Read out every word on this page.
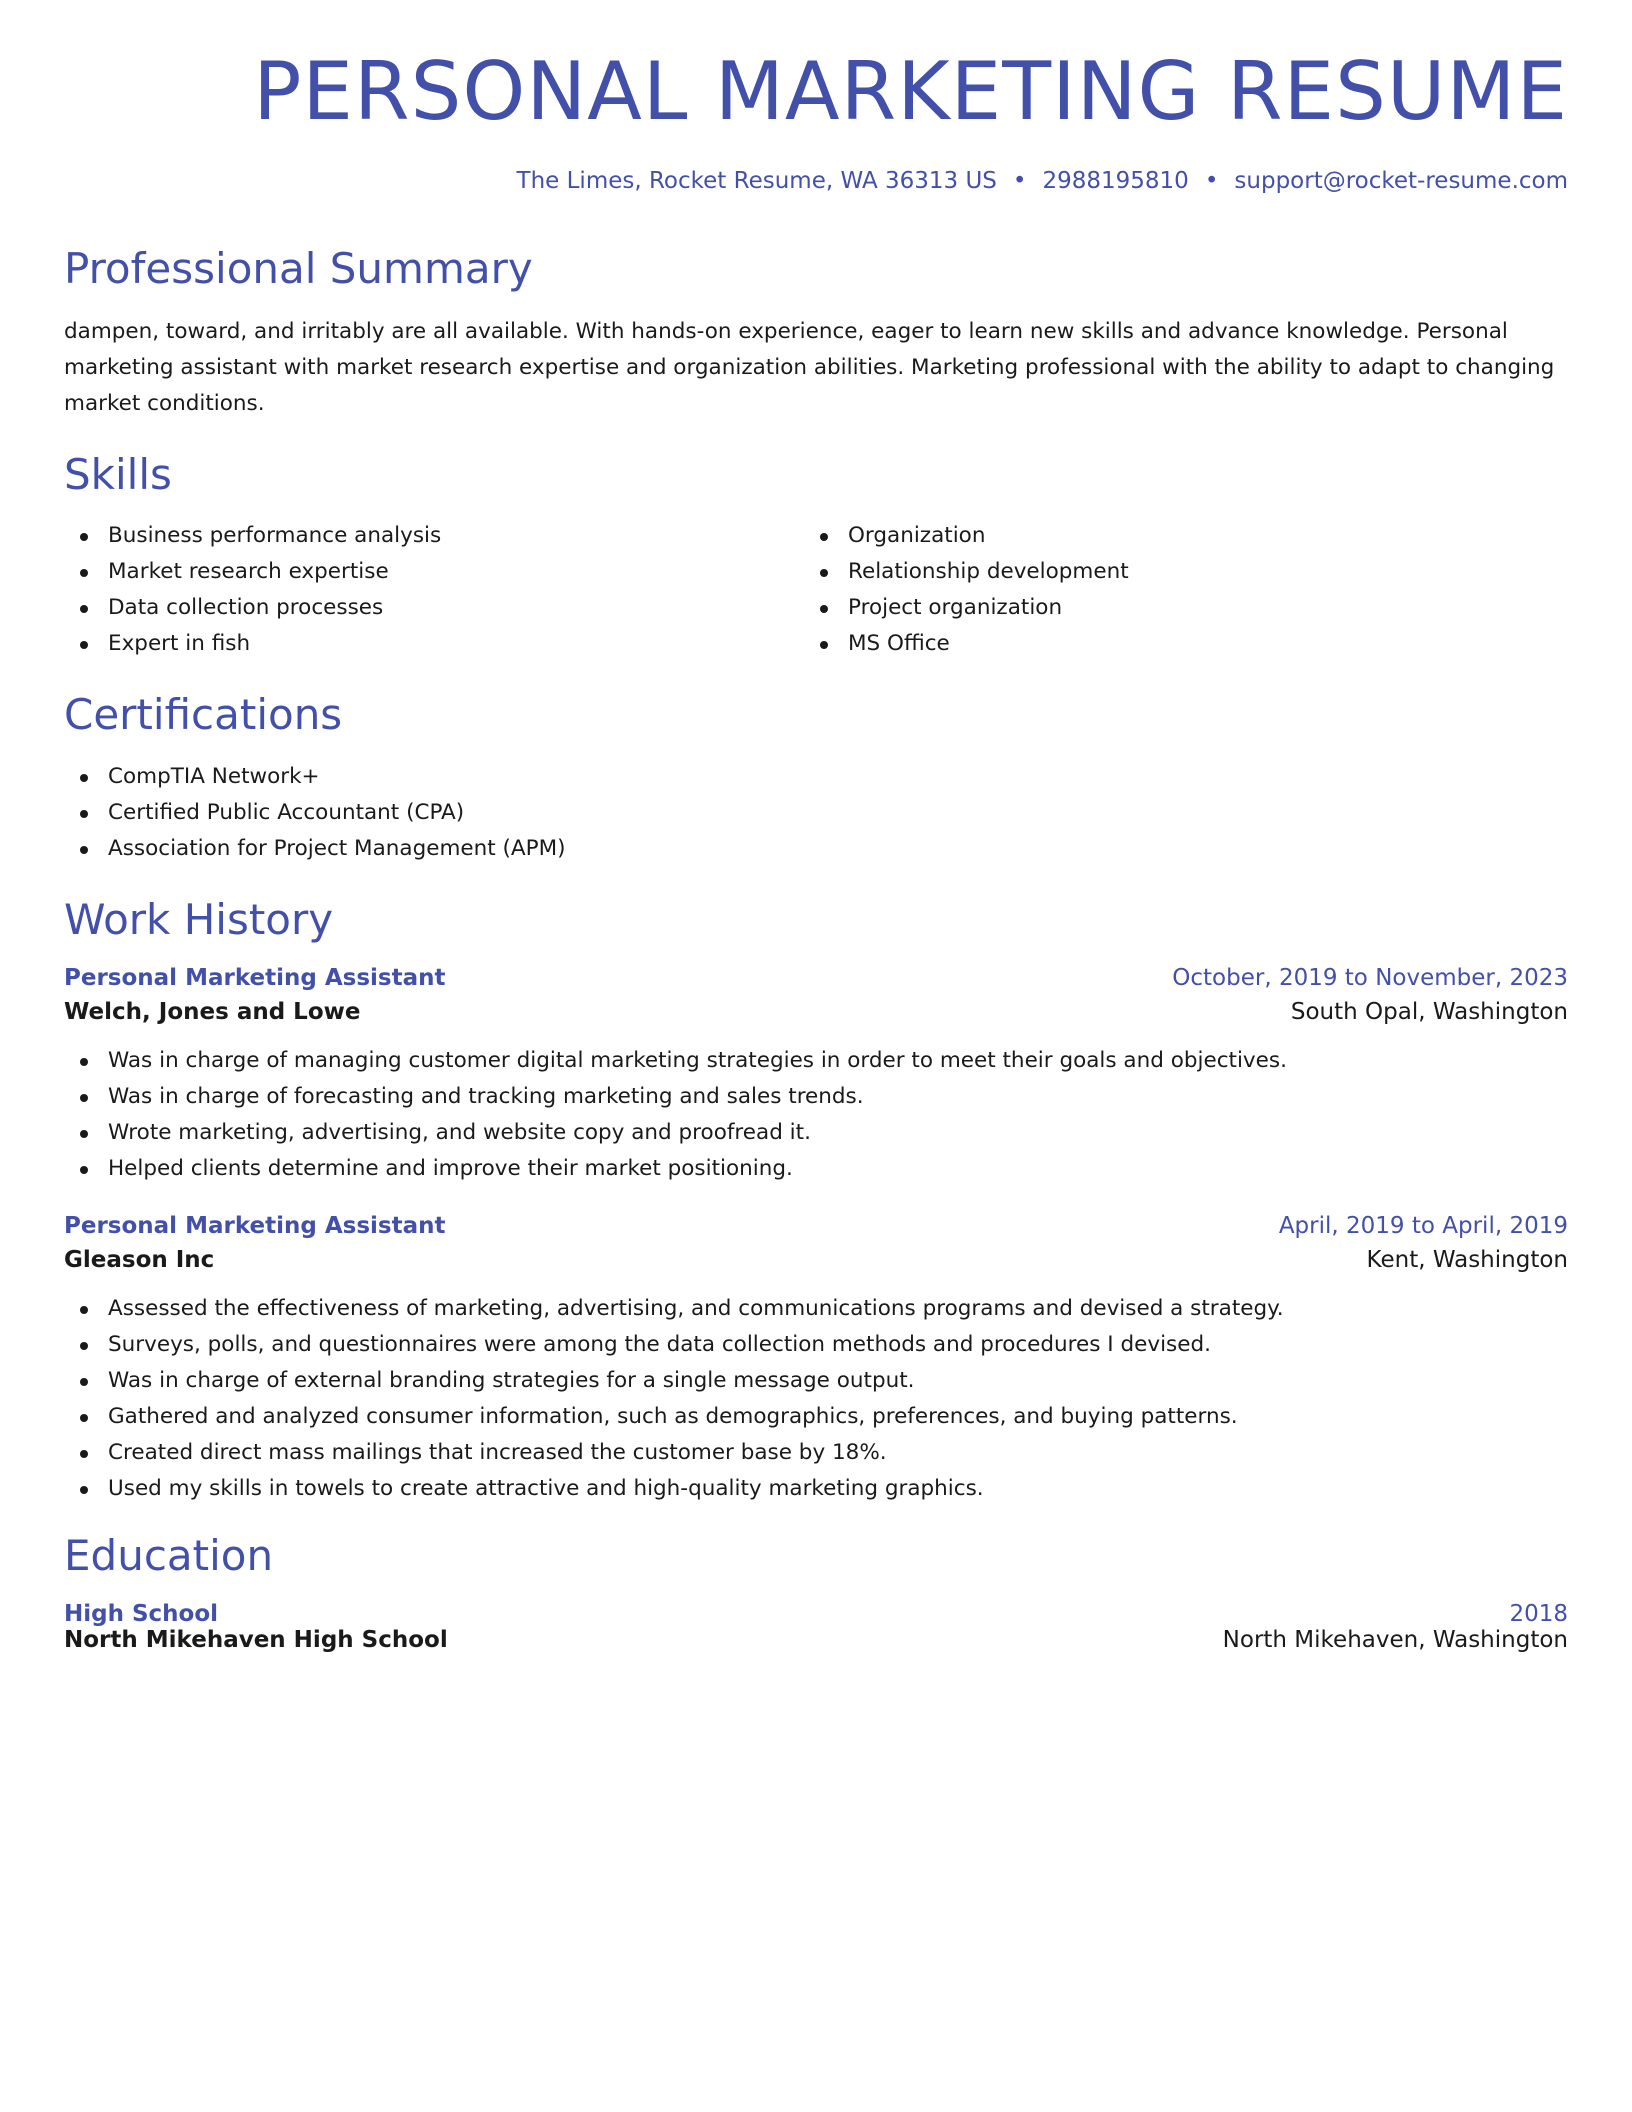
PERSONAL MARKETING RESUME
The Limes, Rocket Resume, WA 36313 US • 2988195810 • support@rocket-resume.com
Professional Summary
dampen, toward, and irritably are all available. With hands-on experience, eager to learn new skills and advance knowledge. Personal marketing assistant with market research expertise and organization abilities. Marketing professional with the ability to adapt to changing market conditions.
Skills
Business performance analysis
Market research expertise
Data collection processes
Expert in fish
Organization
Relationship development
Project organization
MS Office
Certifications
CompTIA Network+
Certified Public Accountant (CPA)
Association for Project Management (APM)
Work History
Personal Marketing Assistant	October, 2019 to November, 2023
Welch, Jones and Lowe	South Opal, Washington
Was in charge of managing customer digital marketing strategies in order to meet their goals and objectives.
Was in charge of forecasting and tracking marketing and sales trends.
Wrote marketing, advertising, and website copy and proofread it.
Helped clients determine and improve their market positioning.
Personal Marketing Assistant	April, 2019 to April, 2019
Gleason Inc	Kent, Washington
Assessed the effectiveness of marketing, advertising, and communications programs and devised a strategy.
Surveys, polls, and questionnaires were among the data collection methods and procedures I devised.
Was in charge of external branding strategies for a single message output.
Gathered and analyzed consumer information, such as demographics, preferences, and buying patterns.
Created direct mass mailings that increased the customer base by 18%.
Used my skills in towels to create attractive and high-quality marketing graphics.
Education
High School	2018
North Mikehaven High School	North Mikehaven, Washington
